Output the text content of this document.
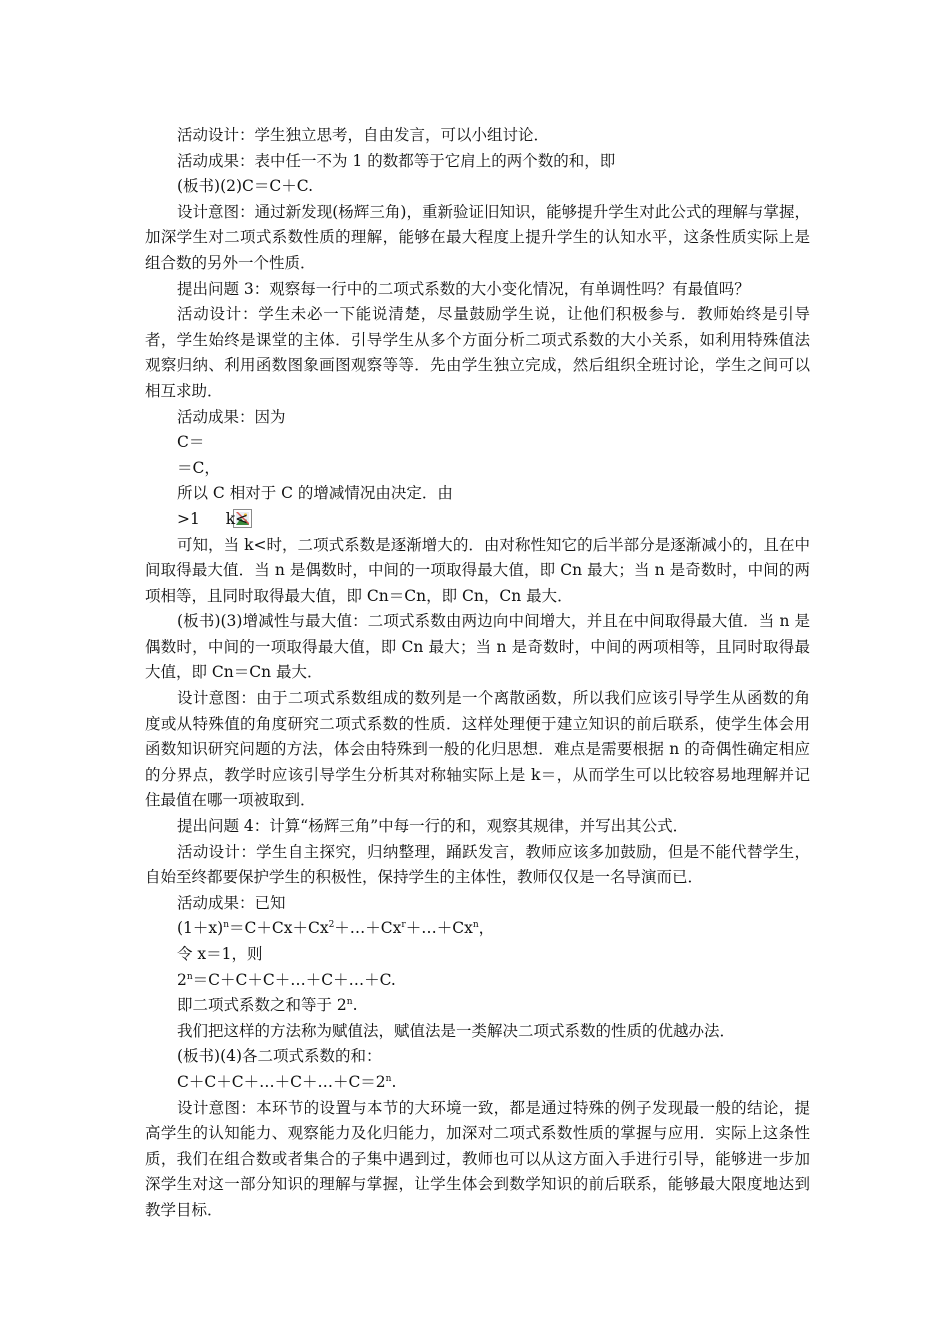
活动设计：学生独立思考，自由发言，可以小组讨论．

活动成果：表中任一不为 1 的数都等于它肩上的两个数的和，即

(板书)(2)C＝C＋C.

设计意图：通过新发现(杨辉三角)，重新验证旧知识，能够提升学生对此公式的理解与掌握，加深学生对二项式系数性质的理解，能够在最大程度上提升学生的认知水平，这条性质实际上是组合数的另外一个性质．

提出问题 3：观察每一行中的二项式系数的大小变化情况，有单调性吗？有最值吗？

活动设计：学生未必一下能说清楚，尽量鼓励学生说，让他们积极参与．教师始终是引导者，学生始终是课堂的主体．引导学生从多个方面分析二项式系数的大小关系，如利用特殊值法观察归纳、利用函数图象画图观察等等．先由学生独立完成，然后组织全班讨论，学生之间可以相互求助．

活动成果：因为

C＝

＝C，

所以 C 相对于 C 的增减情况由决定．由

>1 k<

可知，当 k<时，二项式系数是逐渐增大的．由对称性知它的后半部分是逐渐减小的，且在中间取得最大值．当 n 是偶数时，中间的一项取得最大值，即 Cn 最大；当 n 是奇数时，中间的两项相等，且同时取得最大值，即 Cn＝Cn，即 Cn，Cn 最大．

(板书)(3)增减性与最大值：二项式系数由两边向中间增大，并且在中间取得最大值．当 n 是偶数时，中间的一项取得最大值，即 Cn 最大；当 n 是奇数时，中间的两项相等，且同时取得最大值，即 Cn＝Cn 最大．

设计意图：由于二项式系数组成的数列是一个离散函数，所以我们应该引导学生从函数的角度或从特殊值的角度研究二项式系数的性质．这样处理便于建立知识的前后联系，使学生体会用函数知识研究问题的方法，体会由特殊到一般的化归思想．难点是需要根据 n 的奇偶性确定相应的分界点，教学时应该引导学生分析其对称轴实际上是 k＝，从而学生可以比较容易地理解并记住最值在哪一项被取到．

提出问题 4：计算“杨辉三角”中每一行的和，观察其规律，并写出其公式．

活动设计：学生自主探究，归纳整理，踊跃发言，教师应该多加鼓励，但是不能代替学生，自始至终都要保护学生的积极性，保持学生的主体性，教师仅仅是一名导演而已．

活动成果：已知

$(1+x)^n=C+Cx+Cx^2+\dots+Cx^r+\dots+Cx^n$，

令 x＝1，则

$2^n=C+C+C+\dots+C+\dots+C$.

即二项式系数之和等于 2$^n$.

我们把这样的方法称为赋值法，赋值法是一类解决二项式系数的性质的优越办法．

(板书)(4)各二项式系数的和：

$C+C+C+\dots+C+\dots+C=2^n$.

设计意图：本环节的设置与本节的大环境一致，都是通过特殊的例子发现最一般的结论，提高学生的认知能力、观察能力及化归能力，加深对二项式系数性质的掌握与应用．实际上这条性质，我们在组合数或者集合的子集中遇到过，教师也可以从这方面入手进行引导，能够进一步加深学生对这一部分知识的理解与掌握，让学生体会到数学知识的前后联系，能够最大限度地达到教学目标．
